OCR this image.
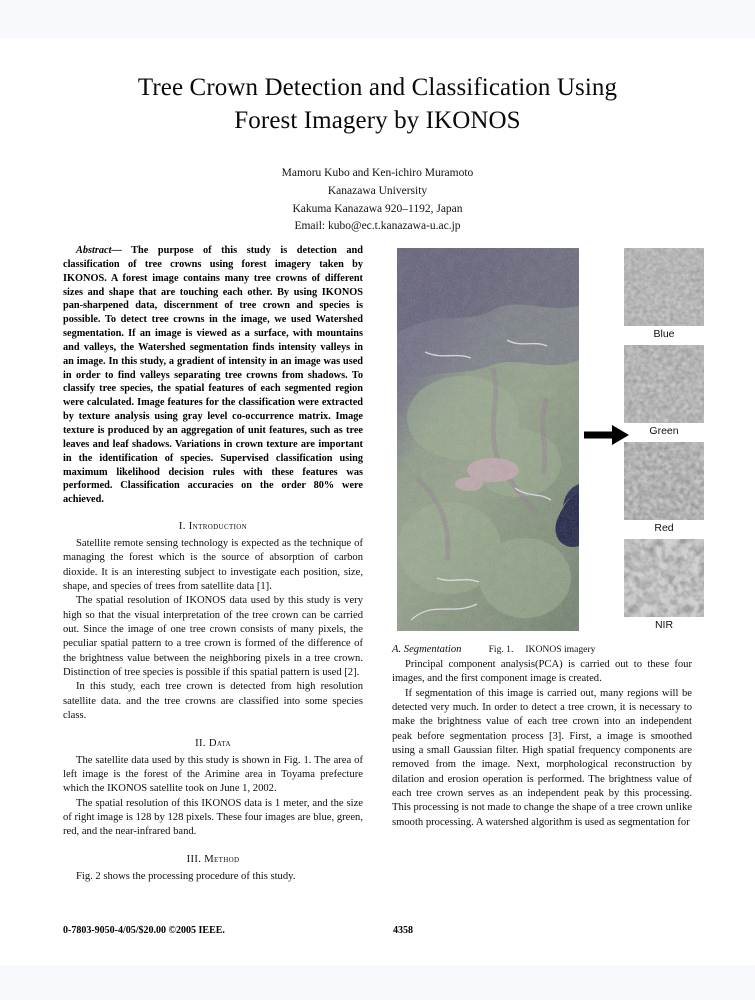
Tree Crown Detection and Classification Using
Forest Imagery by IKONOS
Mamoru Kubo and Ken-ichiro Muramoto
Kanazawa University
Kakuma Kanazawa 920–1192, Japan
Email: kubo@ec.t.kanazawa-u.ac.jp

Abstract— The purpose of this study is detection and classification of tree crowns using forest imagery taken by IKONOS. A forest image contains many tree crowns of different sizes and shape that are touching each other. By using IKONOS pan-sharpened data, discernment of tree crown and species is possible. To detect tree crowns in the image, we used Watershed segmentation. If an image is viewed as a surface, with mountains and valleys, the Watershed segmentation finds intensity valleys in an image. In this study, a gradient of intensity in an image was used in order to find valleys separating tree crowns from shadows. To classify tree species, the spatial features of each segmented region were calculated. Image features for the classification were extracted by texture analysis using gray level co-occurrence matrix. Image texture is produced by an aggregation of unit features, such as tree leaves and leaf shadows. Variations in crown texture are important in the identification of species. Supervised classification using maximum likelihood decision rules with these features was performed. Classification accuracies on the order 80% were achieved.

I. Introduction

Satellite remote sensing technology is expected as the technique of managing the forest which is the source of absorption of carbon dioxide. It is an interesting subject to investigate each position, size, shape, and species of trees from satellite data [1].

The spatial resolution of IKONOS data used by this study is very high so that the visual interpretation of the tree crown can be carried out. Since the image of one tree crown consists of many pixels, the peculiar spatial pattern to a tree crown is formed of the difference of the brightness value between the neighboring pixels in a tree crown. Distinction of tree species is possible if this spatial pattern is used [2].

In this study, each tree crown is detected from high resolution satellite data. and the tree crowns are classified into some species class.

II. Data

The satellite data used by this study is shown in Fig. 1. The area of left image is the forest of the Arimine area in Toyama prefecture which the IKONOS satellite took on June 1, 2002.

The spatial resolution of this IKONOS data is 1 meter, and the size of right image is 128 by 128 pixels. These four images are blue, green, red, and the near-infrared band.

III. Method

Fig. 2 shows the processing procedure of this study.

Blue
Green
Red
NIR
Fig. 1. IKONOS imagery
A. Segmentation

Principal component analysis(PCA) is carried out to these four images, and the first component image is created.

If segmentation of this image is carried out, many regions will be detected very much. In order to detect a tree crown, it is necessary to make the brightness value of each tree crown into an independent peak before segmentation process [3]. First, a image is smoothed using a small Gaussian filter. High spatial frequency components are removed from the image. Next, morphological reconstruction by dilation and erosion operation is performed. The brightness value of each tree crown serves as an independent peak by this processing. This processing is not made to change the shape of a tree crown unlike smooth processing. A watershed algorithm is used as segmentation for

0-7803-9050-4/05/$20.00 ©2005 IEEE.	4358
